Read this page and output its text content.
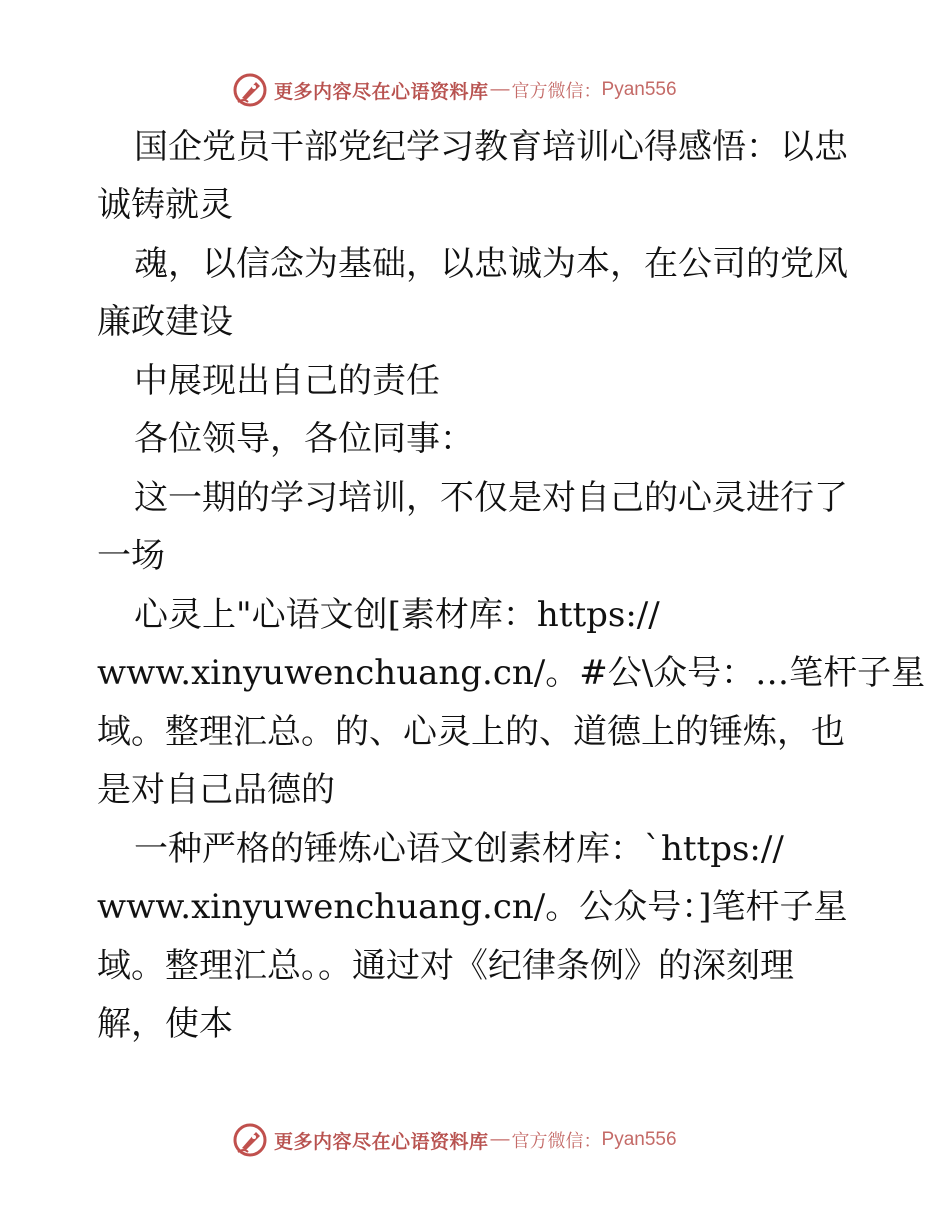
更多内容尽在心语资料库 — 官方微信： Pyan556
国企党员干部党纪学习教育培训心得感悟：以忠
诚铸就灵
魂，以信念为基础，以忠诚为本，在公司的党风
廉政建设
中展现出自己的责任
各位领导，各位同事：
这一期的学习培训，不仅是对自己的心灵进行了
一场
心灵上"心语文创[素材库：https://
www.xinyuwenchuang.cn/。#公\众号：…笔杆子星
域。整理汇总。的、心灵上的、道德上的锤炼，也
是对自己品德的
一种严格的锤炼心语文创素材库：`https://
www.xinyuwenchuang.cn/。公众号：]笔杆子星
域。整理汇总。。通过对《纪律条例》的深刻理
解，使本
更多内容尽在心语资料库 — 官方微信： Pyan556
